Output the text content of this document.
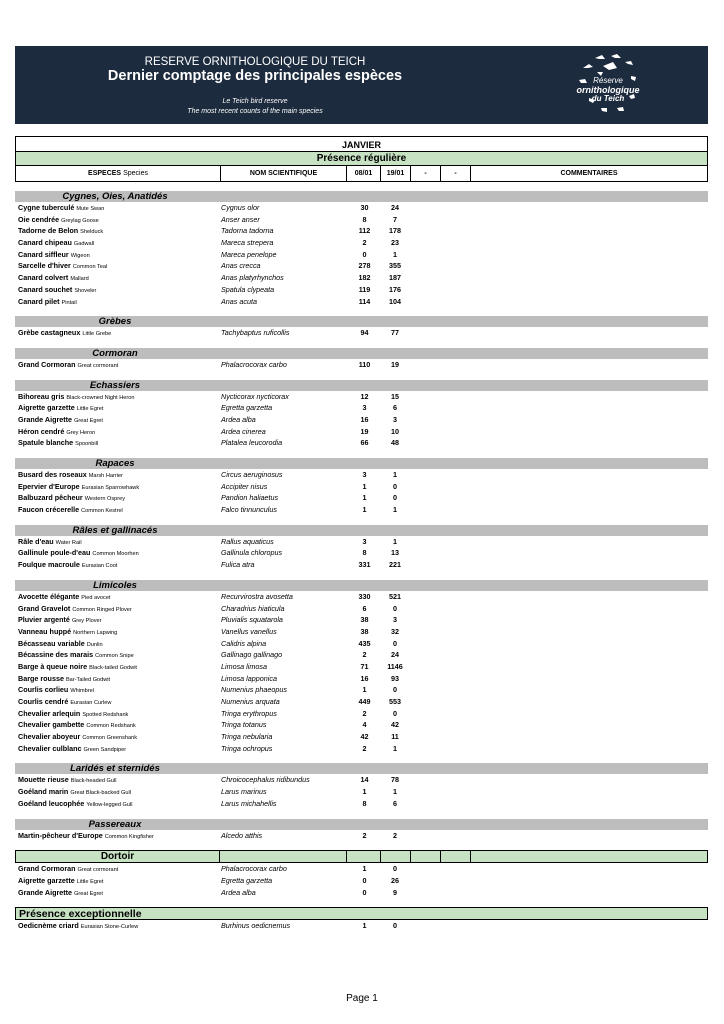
RESERVE ORNITHOLOGIQUE DU TEICH
Dernier comptage des principales espèces
Le Teich bird reserve
The most recent counts of the main species
Réserve
ornithologique
du Teich
JANVIER
Présence régulière
ESPECES Species	NOM SCIENTIFIQUE	08/01	19/01	-	-	COMMENTAIRES
Cygnes, Oies, Anatidés
Cygne tuberculé Mute Swan	Cygnus olor	30	24
Oie cendrée Greylag Goose	Anser anser	8	7
Tadorne de Belon Shelduck	Tadorna tadorna	112	178
Canard chipeau Gadwall	Mareca strepera	2	23
Canard siffleur Wigeon	Mareca penelope	0	1
Sarcelle d'hiver Common Teal	Anas crecca	278	355
Canard colvert Mallard	Anas platyrhynchos	182	187
Canard souchet Shoveler	Spatula clypeata	119	176
Canard pilet Pintail	Anas acuta	114	104
Grèbes
Grèbe castagneux Little Grebe	Tachybaptus ruficollis	94	77
Cormoran
Grand Cormoran Great cormorant	Phalacrocorax carbo	110	19
Echassiers
Bihoreau gris Black-crowned Night Heron	Nycticorax nycticorax	12	15
Aigrette garzette Little Egret	Egretta garzetta	3	6
Grande Aigrette Great Egret	Ardea alba	16	3
Héron cendré Grey Heron	Ardea cinerea	19	10
Spatule blanche Spoonbill	Platalea leucorodia	66	48
Rapaces
Busard des roseaux Marsh Harrier	Circus aeruginosus	3	1
Epervier d'Europe Eurasian Sparrowhawk	Accipiter nisus	1	0
Balbuzard pêcheur Western Osprey	Pandion haliaetus	1	0
Faucon crécerelle Common Kestrel	Falco tinnunculus	1	1
Râles et gallinacés
Râle d'eau Water Rail	Rallus aquaticus	3	1
Gallinule poule-d'eau Common Moorhen	Gallinula chloropus	8	13
Foulque macroule Eurasian Coot	Fulica atra	331	221
Limicoles
Avocette élégante Pied avocet	Recurvirostra avosetta	330	521
Grand Gravelot Common Ringed Plover	Charadrius hiaticula	6	0
Pluvier argenté Grey Plover	Pluvialis squatarola	38	3
Vanneau huppé Northern Lapwing	Vanellus vanellus	38	32
Bécasseau variable Dunlin	Calidris alpina	435	0
Bécassine des marais Common Snipe	Gallinago gallinago	2	24
Barge à queue noire Black-tailed Godwit	Limosa limosa	71	1146
Barge rousse Bar-Tailed Godwit	Limosa lapponica	16	93
Courlis corlieu Whimbrel	Numenius phaeopus	1	0
Courlis cendré Eurasian Curlew	Numenius arquata	449	553
Chevalier arlequin Spotted Redshank	Tringa erythropus	2	0
Chevalier gambette Common Redshank	Tringa totanus	4	42
Chevalier aboyeur Common Greenshank	Tringa nebularia	42	11
Chevalier culblanc Green Sandpiper	Tringa ochropus	2	1
Laridés et sternidés
Mouette rieuse Black-headed Gull	Chroicocephalus ridibundus	14	78
Goéland marin Great Black-backed Gull	Larus marinus	1	1
Goéland leucophée Yellow-legged Gull	Larus michahellis	8	6
Passereaux
Martin-pêcheur d'Europe Common Kingfisher	Alcedo atthis	2	2
Dortoir
Grand Cormoran Great cormorant	Phalacrocorax carbo	1	0
Aigrette garzette Little Egret	Egretta garzetta	0	26
Grande Aigrette Great Egret	Ardea alba	0	9
Présence exceptionnelle
Oedicnème criard Eurasian Stone-Curlew	Burhinus oedicnemus	1	0
Page 1
